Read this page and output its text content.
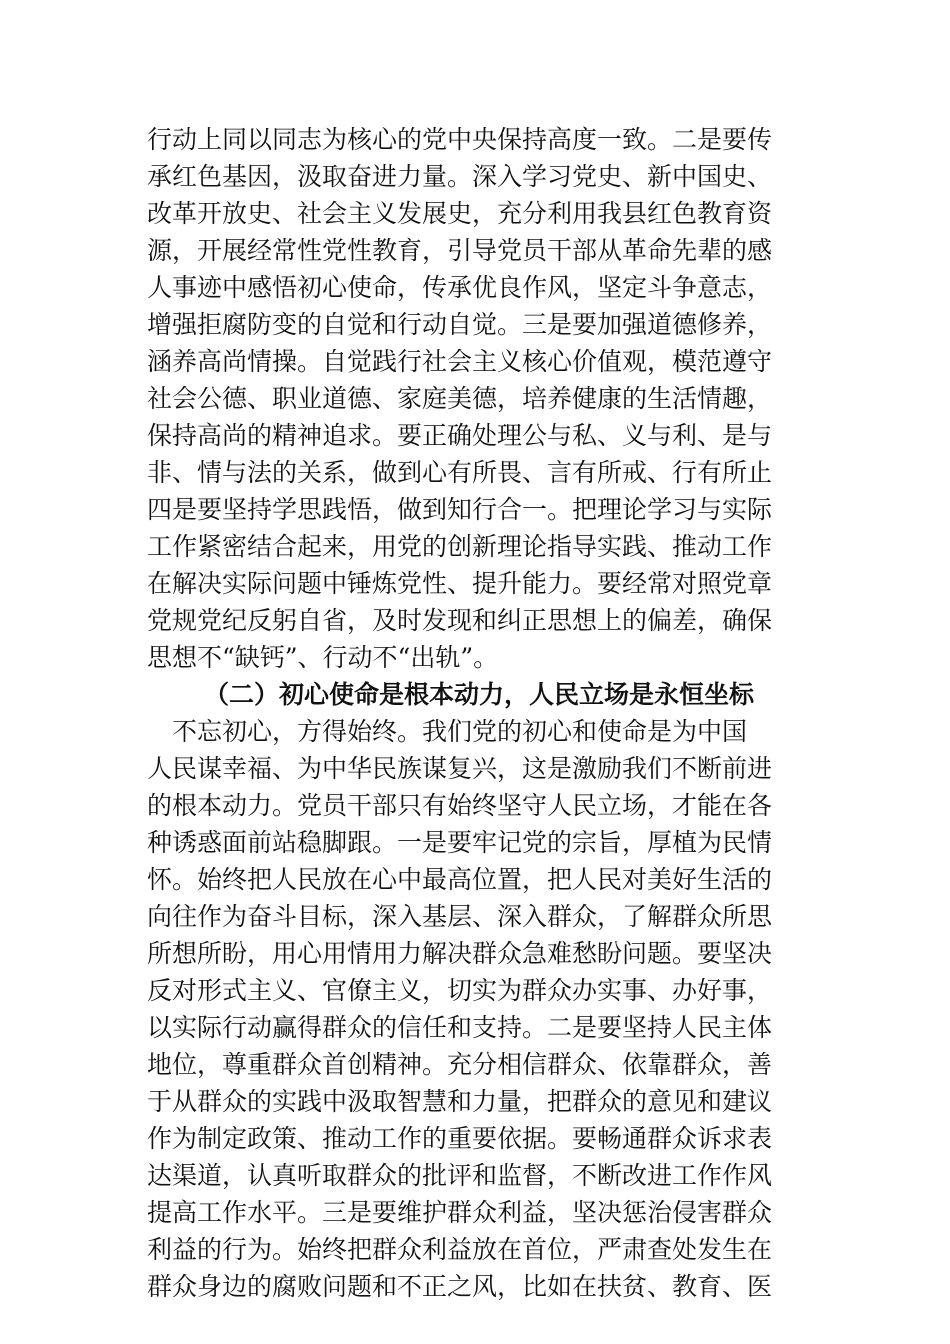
行动上同以同志为核心的党中央保持高度一致。二是要传
承红色基因，汲取奋进力量。深入学习党史、新中国史、
改革开放史、社会主义发展史，充分利用我县红色教育资
源，开展经常性党性教育，引导党员干部从革命先辈的感
人事迹中感悟初心使命，传承优良作风，坚定斗争意志，
增强拒腐防变的自觉和行动自觉。三是要加强道德修养，
涵养高尚情操。自觉践行社会主义核心价值观，模范遵守
社会公德、职业道德、家庭美德，培养健康的生活情趣，
保持高尚的精神追求。要正确处理公与私、义与利、是与
非、情与法的关系，做到心有所畏、言有所戒、行有所止
四是要坚持学思践悟，做到知行合一。把理论学习与实际
工作紧密结合起来，用党的创新理论指导实践、推动工作
在解决实际问题中锤炼党性、提升能力。要经常对照党章
党规党纪反躬自省，及时发现和纠正思想上的偏差，确保
思想不“缺钙”、行动不“出轨”。
（二）初心使命是根本动力，人民立场是永恒坐标
　不忘初心，方得始终。我们党的初心和使命是为中国
人民谋幸福、为中华民族谋复兴，这是激励我们不断前进
的根本动力。党员干部只有始终坚守人民立场，才能在各
种诱惑面前站稳脚跟。一是要牢记党的宗旨，厚植为民情
怀。始终把人民放在心中最高位置，把人民对美好生活的
向往作为奋斗目标，深入基层、深入群众，了解群众所思
所想所盼，用心用情用力解决群众急难愁盼问题。要坚决
反对形式主义、官僚主义，切实为群众办实事、办好事，
以实际行动赢得群众的信任和支持。二是要坚持人民主体
地位，尊重群众首创精神。充分相信群众、依靠群众，善
于从群众的实践中汲取智慧和力量，把群众的意见和建议
作为制定政策、推动工作的重要依据。要畅通群众诉求表
达渠道，认真听取群众的批评和监督，不断改进工作作风
提高工作水平。三是要维护群众利益，坚决惩治侵害群众
利益的行为。始终把群众利益放在首位，严肃查处发生在
群众身边的腐败问题和不正之风，比如在扶贫、教育、医
